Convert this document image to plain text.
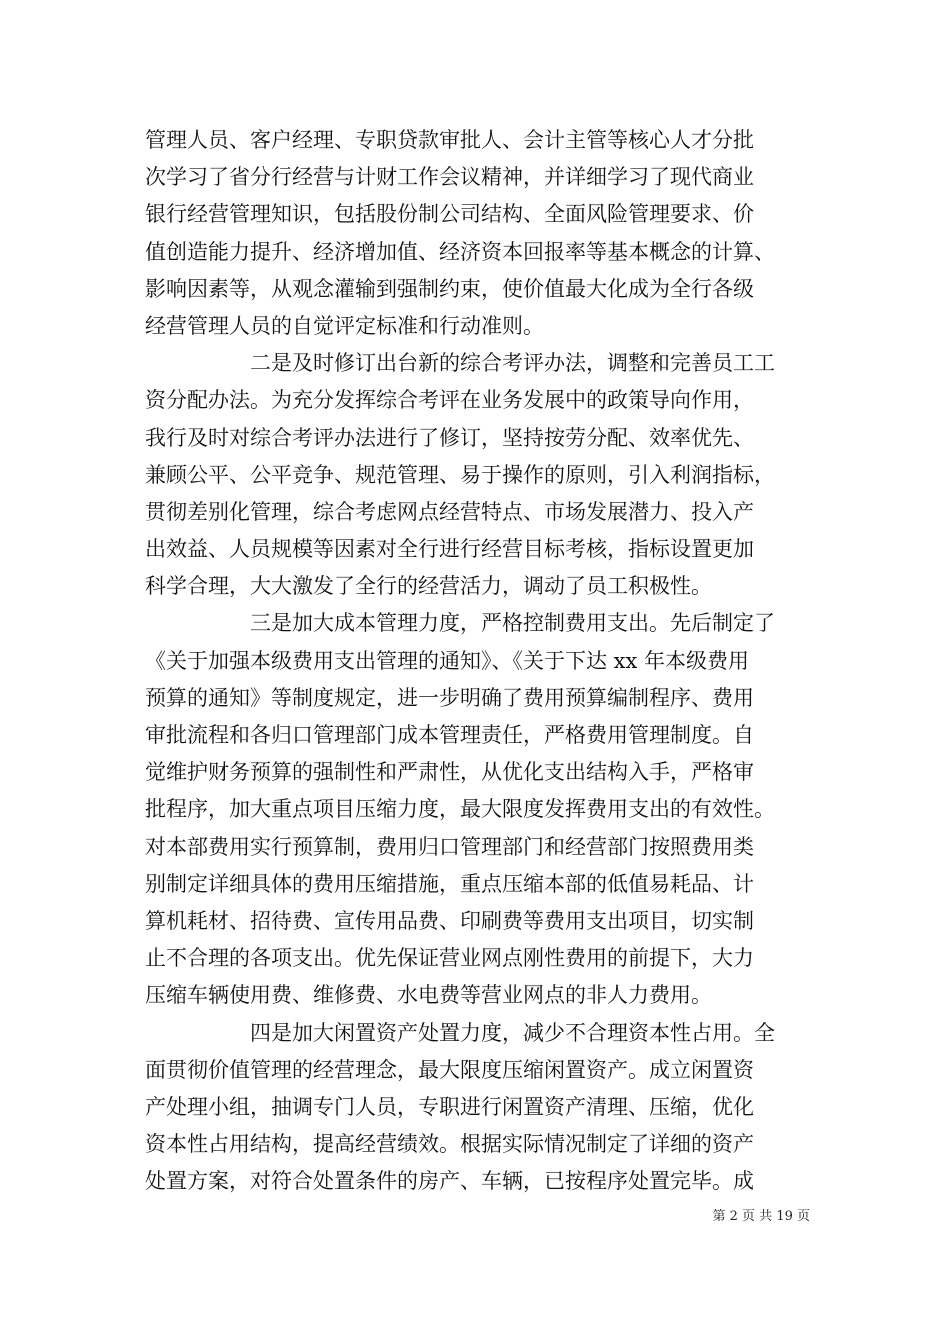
管理人员、客户经理、专职贷款审批人、会计主管等核心人才分批
次学习了省分行经营与计财工作会议精神，并详细学习了现代商业
银行经营管理知识，包括股份制公司结构、全面风险管理要求、价
值创造能力提升、经济增加值、经济资本回报率等基本概念的计算、
影响因素等，从观念灌输到强制约束，使价值最大化成为全行各级
经营管理人员的自觉评定标准和行动准则。
　　　　　二是及时修订出台新的综合考评办法，调整和完善员工工
资分配办法。为充分发挥综合考评在业务发展中的政策导向作用，
我行及时对综合考评办法进行了修订，坚持按劳分配、效率优先、
兼顾公平、公平竞争、规范管理、易于操作的原则，引入利润指标，
贯彻差别化管理，综合考虑网点经营特点、市场发展潜力、投入产
出效益、人员规模等因素对全行进行经营目标考核，指标设置更加
科学合理，大大激发了全行的经营活力，调动了员工积极性。
　　　　　三是加大成本管理力度，严格控制费用支出。先后制定了
《关于加强本级费用支出管理的通知》、《关于下达 xx 年本级费用
预算的通知》等制度规定，进一步明确了费用预算编制程序、费用
审批流程和各归口管理部门成本管理责任，严格费用管理制度。自
觉维护财务预算的强制性和严肃性，从优化支出结构入手，严格审
批程序，加大重点项目压缩力度，最大限度发挥费用支出的有效性。
对本部费用实行预算制，费用归口管理部门和经营部门按照费用类
别制定详细具体的费用压缩措施，重点压缩本部的低值易耗品、计
算机耗材、招待费、宣传用品费、印刷费等费用支出项目，切实制
止不合理的各项支出。优先保证营业网点刚性费用的前提下，大力
压缩车辆使用费、维修费、水电费等营业网点的非人力费用。
　　　　　四是加大闲置资产处置力度，减少不合理资本性占用。全
面贯彻价值管理的经营理念，最大限度压缩闲置资产。成立闲置资
产处理小组，抽调专门人员，专职进行闲置资产清理、压缩，优化
资本性占用结构，提高经营绩效。根据实际情况制定了详细的资产
处置方案，对符合处置条件的房产、车辆，已按程序处置完毕。成
第 2 页 共 19 页
